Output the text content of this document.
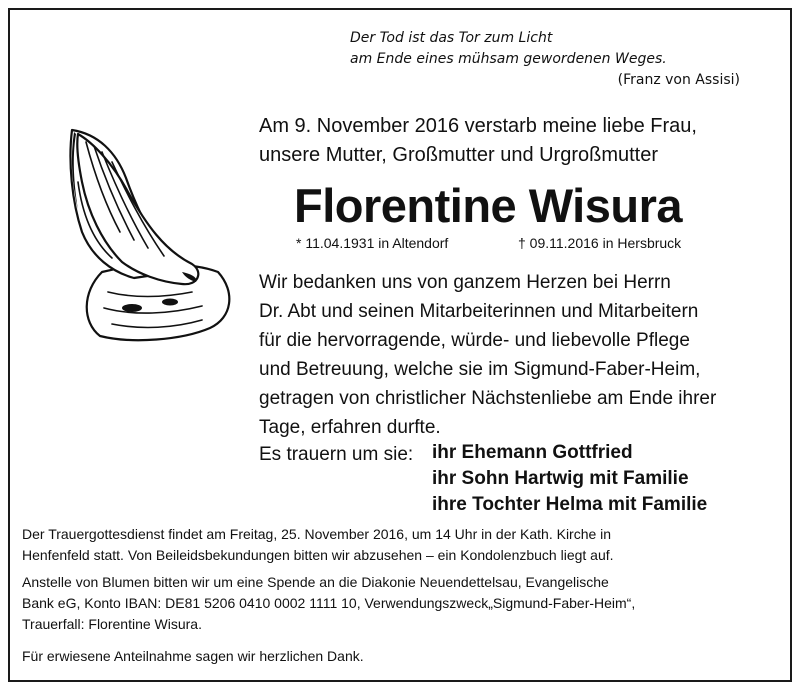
Der Tod ist das Tor zum Licht
am Ende eines mühsam gewordenen Weges.
(Franz von Assisi)
Am 9. November 2016 verstarb meine liebe Frau,
unsere Mutter, Großmutter und Urgroßmutter
Florentine Wisura
* 11.04.1931 in Altendorf	† 09.11.2016 in Hersbruck
Wir bedanken uns von ganzem Herzen bei Herrn
Dr. Abt und seinen Mitarbeiterinnen und Mitarbeitern
für die hervorragende, würde- und liebevolle Pflege
und Betreuung, welche sie im Sigmund-Faber-Heim,
getragen von christlicher Nächstenliebe am Ende ihrer
Tage, erfahren durfte.
Es trauern um sie: ihr Ehemann Gottfried
ihr Sohn Hartwig mit Familie
ihre Tochter Helma mit Familie
Der Trauergottesdienst findet am Freitag, 25. November 2016, um 14 Uhr in der Kath. Kirche in
Henfenfeld statt. Von Beileidsbekundungen bitten wir abzusehen – ein Kondolenzbuch liegt auf.
Anstelle von Blumen bitten wir um eine Spende an die Diakonie Neuendettelsau, Evangelische
Bank eG, Konto IBAN: DE81 5206 0410 0002 1111 10, Verwendungszweck„Sigmund-Faber-Heim“,
Trauerfall: Florentine Wisura.
Für erwiesene Anteilnahme sagen wir herzlichen Dank.
